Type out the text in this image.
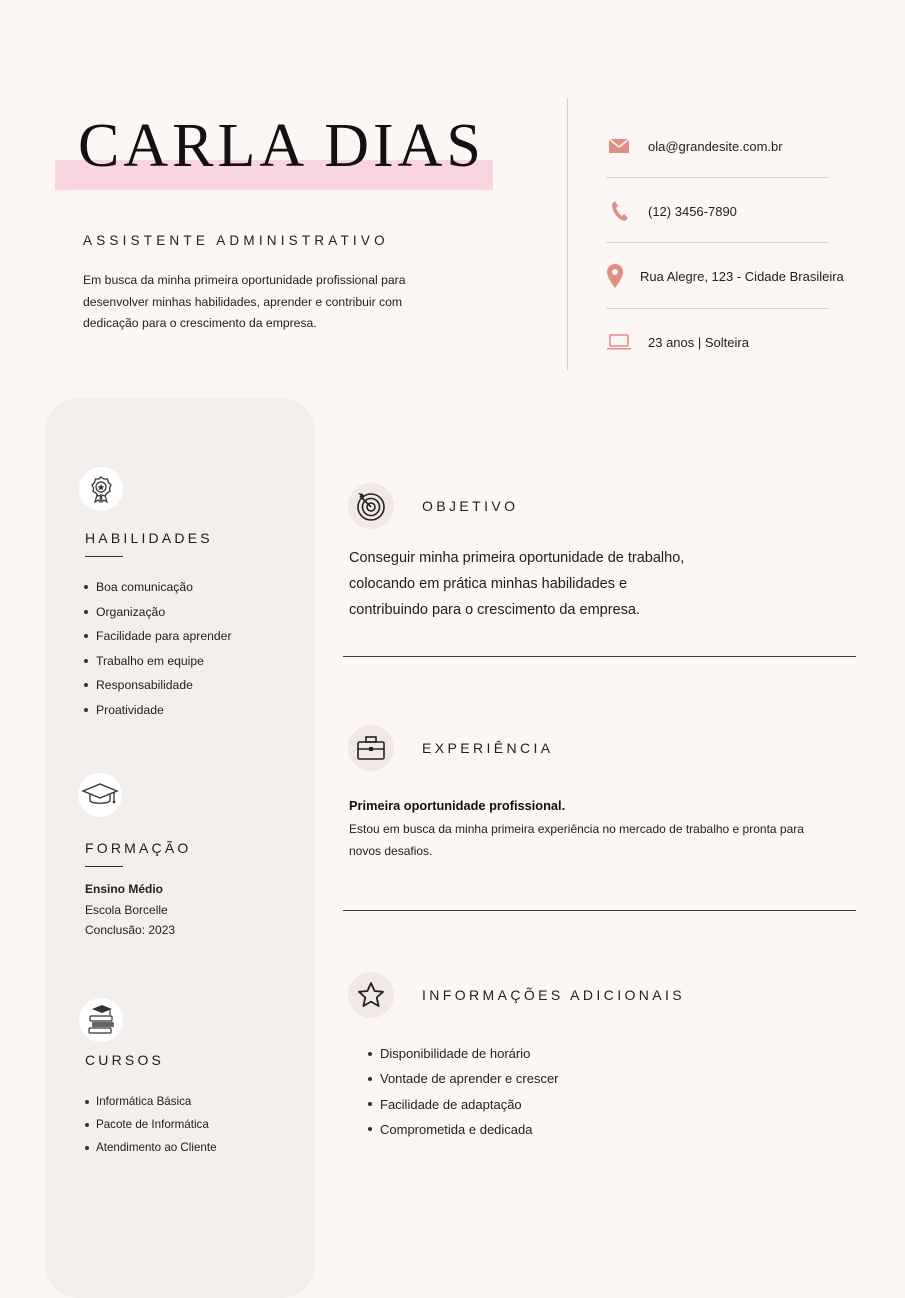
CARLA DIAS
ASSISTENTE ADMINISTRATIVO

Em busca da minha primeira oportunidade profissional para desenvolver minhas habilidades, aprender e contribuir com dedicação para o crescimento da empresa.

ola@grandesite.com.br
(12) 3456-7890
Rua Alegre, 123 - Cidade Brasileira
23 anos | Solteira
HABILIDADES
Boa comunicação
Organização
Facilidade para aprender
Trabalho em equipe
Responsabilidade
Proatividade
FORMAÇÃO
Ensino Médio
Escola Borcelle
Conclusão: 2023
CURSOS
Informática Básica
Pacote de Informática
Atendimento ao Cliente
OBJETIVO

Conseguir minha primeira oportunidade de trabalho, colocando em prática minhas habilidades e contribuindo para o crescimento da empresa.

EXPERIÊNCIA

Primeira oportunidade profissional.

Estou em busca da minha primeira experiência no mercado de trabalho e pronta para novos desafios.

INFORMAÇÕES ADICIONAIS
Disponibilidade de horário
Vontade de aprender e crescer
Facilidade de adaptação
Comprometida e dedicada
